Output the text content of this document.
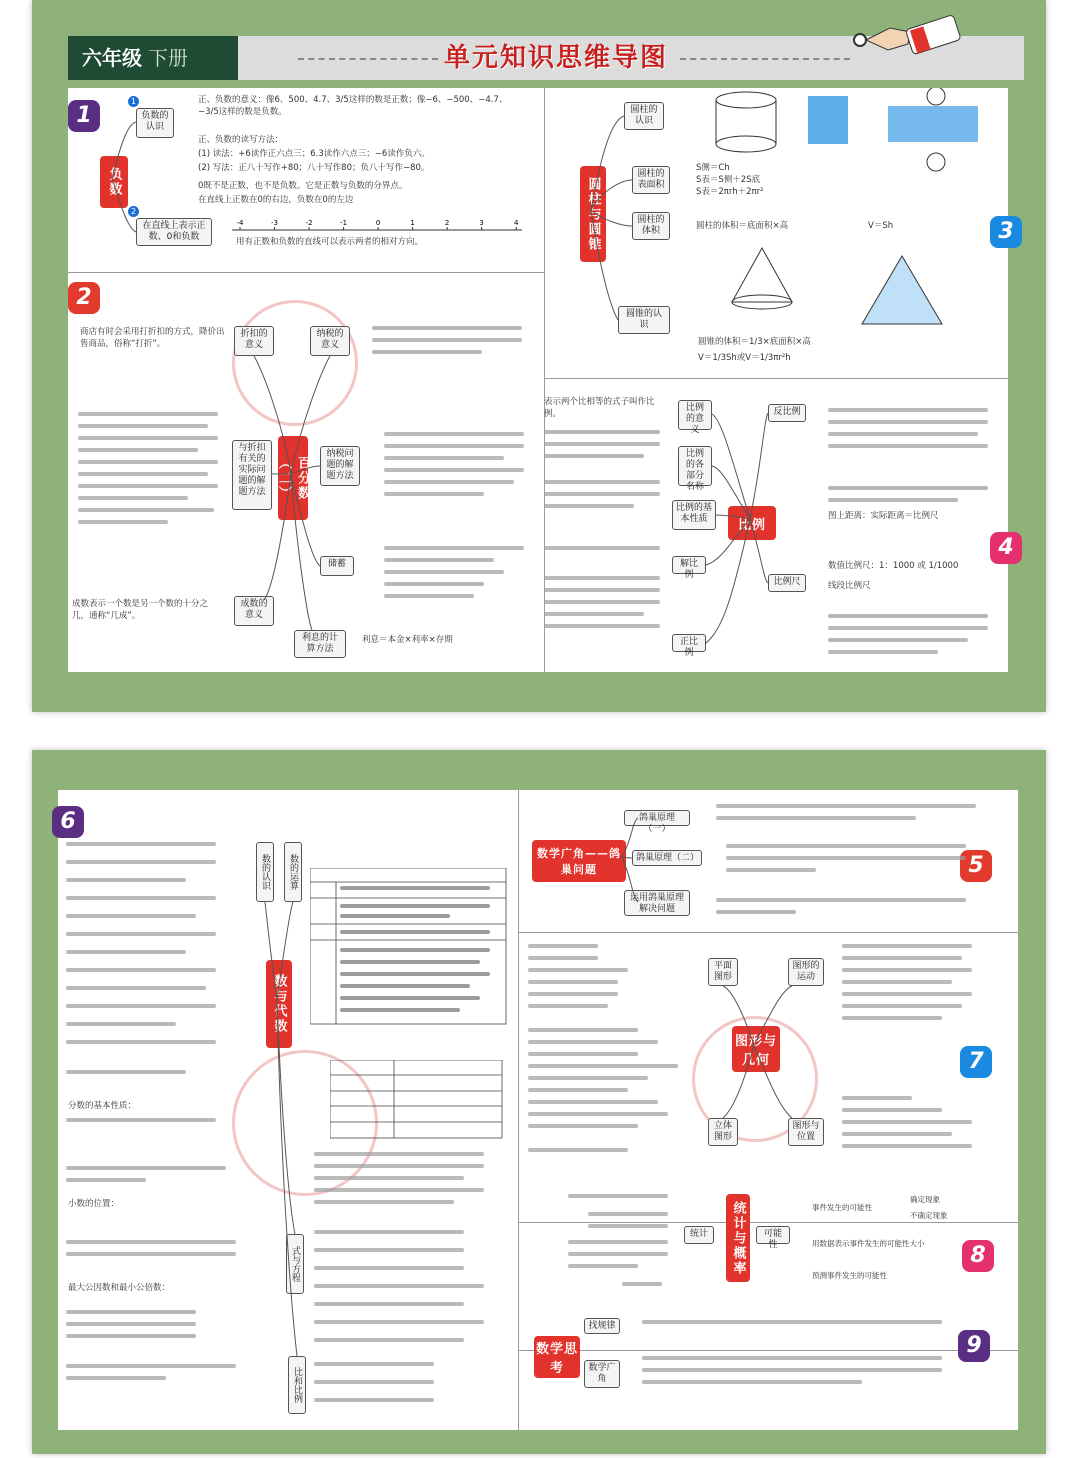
六年级 下册	单元知识思维导图
1
负数
1
负数的认识
2
在直线上表示正数、0和负数
正、负数的意义：像6、500、4.7、3/5这样的数是正数；像−6、−500、−4.7、
−3/5这样的数是负数。
正、负数的读写方法：
(1) 读法：+6读作正六点三；6.3读作六点三；−6读作负六。
(2) 写法：正八十写作+80；八十写作80；负八十写作−80。
0既不是正数，也不是负数。它是正数与负数的分界点。
在直线上正数在0的右边，负数在0的左边
-4	-3	-2	-1	0	1	2	3	4
用有正数和负数的直线可以表示两者的相对方向。
2
百分数（二）
折扣的意义
纳税的意义
与折扣有关的实际问题的解题方法
纳税问题的解题方法
储蓄
成数的意义
利息的计算方法
商店有时会采用打折扣的方式，降价出售商品，俗称“打折”。
成数表示一个数是另一个数的十分之几，通称“几成”。
利息＝本金×利率×存期
3
圆柱与圆锥
圆柱的认识
圆柱的表面积
圆柱的体积
圆锥的认识
S侧＝Ch
S表＝S侧＋2S底
S表＝2πrh＋2πr²
圆柱的体积＝底面积×高	V＝Sh
圆锥的体积＝1/3×底面积×高
V＝1/3Sh或V＝1/3πr²h
4
比例
比例的意义
比例的各部分名称
比例的基本性质
解比例
正比例
反比例
比例尺
表示两个比相等的式子叫作比例。
图上距离：实际距离＝比例尺
数值比例尺：1：1000 或 1/1000
线段比例尺
6
数与代数
数的认识	数的运算
式与方程
比和比例
分数的基本性质：
小数的位置：
最大公因数和最小公倍数：
5
数学广角——鸽巢问题
鸽巢原理（一）
鸽巢原理（二）
运用鸽巢原理解决问题
7
图形与几何
平面图形
图形的运动
立体图形
图形与位置
8
统计与概率
统计	可能性
事件发生的可能性
确定现象
不确定现象
用数据表示事件发生的可能性大小
预测事件发生的可能性
9
数学思考
找规律
数学广角
